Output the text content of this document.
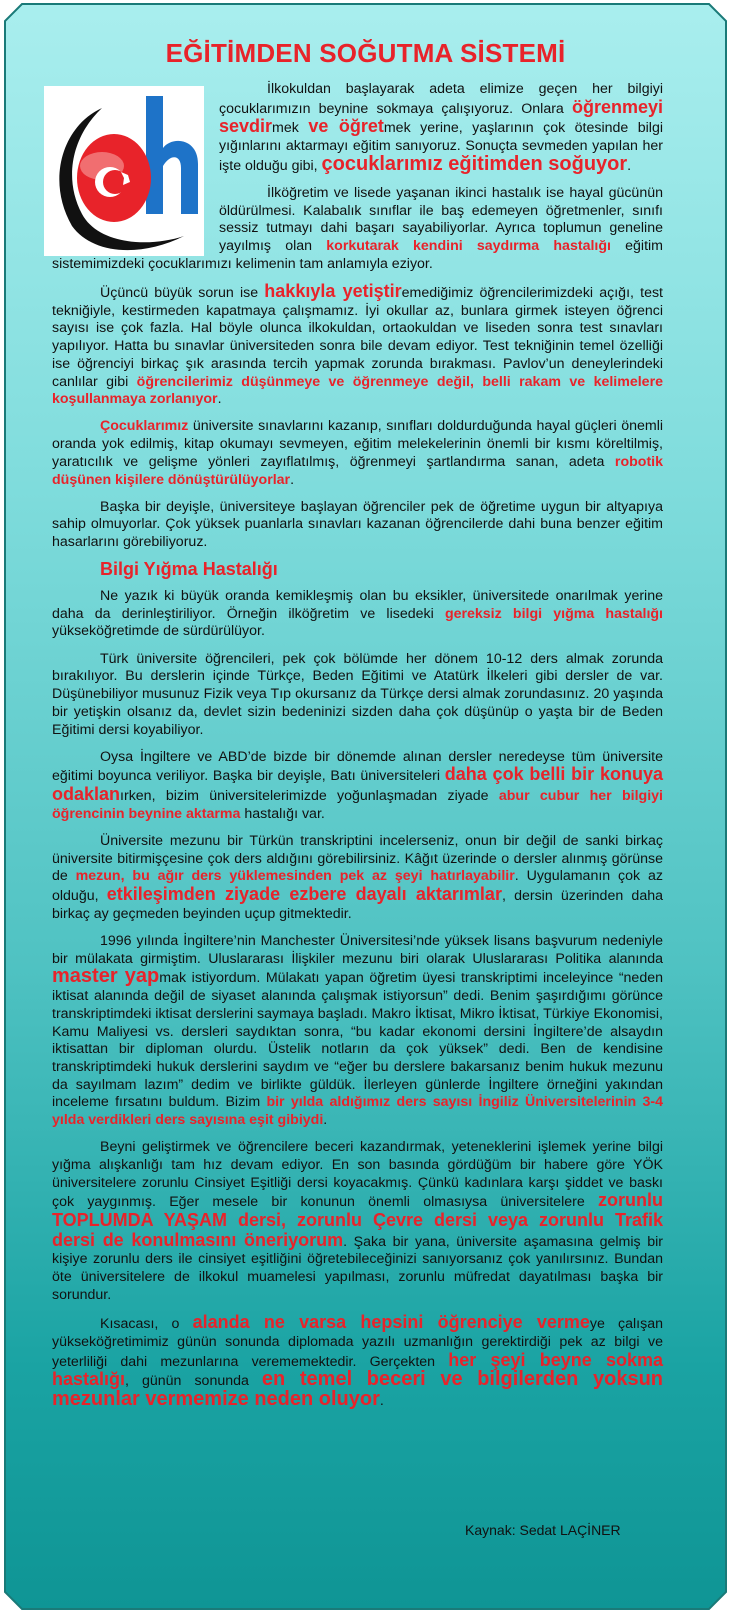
EĞİTİMDEN SOĞUTMA SİSTEMİ

İlkokuldan başlayarak adeta elimize geçen her bilgiyi çocuklarımızın beynine sokmaya çalışıyoruz. Onlara öğrenmeyi sevdirmek ve öğretmek yerine, yaşlarının çok ötesinde bilgi yığınlarını aktarmayı eğitim sanıyoruz. Sonuçta sevmeden yapılan her işte olduğu gibi, çocuklarımız eğitimden soğuyor.

İlköğretim ve lisede yaşanan ikinci hastalık ise hayal gücünün öldürülmesi. Kalabalık sınıflar ile baş edemeyen öğretmenler, sınıfı sessiz tutmayı dahi başarı sayabiliyorlar. Ayrıca toplumun geneline yayılmış olan korkutarak kendini saydırma hastalığı eğitim sistemimizdeki çocuklarımızı kelimenin tam anlamıyla eziyor.

Üçüncü büyük sorun ise hakkıyla yetiştiremediğimiz öğrencilerimizdeki açığı, test tekniğiyle, kestirmeden kapatmaya çalışmamız. İyi okullar az, bunlara girmek isteyen öğrenci sayısı ise çok fazla. Hal böyle olunca ilkokuldan, ortaokuldan ve liseden sonra test sınavları yapılıyor. Hatta bu sınavlar üniversiteden sonra bile devam ediyor. Test tekniğinin temel özelliği ise öğrenciyi birkaç şık arasında tercih yapmak zorunda bırakması. Pavlov’un deneylerindeki canlılar gibi öğrencilerimiz düşünmeye ve öğrenmeye değil, belli rakam ve kelimelere koşullanmaya zorlanıyor.

Çocuklarımız üniversite sınavlarını kazanıp, sınıfları doldurduğunda hayal güçleri önemli oranda yok edilmiş, kitap okumayı sevmeyen, eğitim melekelerinin önemli bir kısmı köreltilmiş, yaratıcılık ve gelişme yönleri zayıflatılmış, öğrenmeyi şartlandırma sanan, adeta robotik düşünen kişilere dönüştürülüyorlar.

Başka bir deyişle, üniversiteye başlayan öğrenciler pek de öğretime uygun bir altyapıya sahip olmuyorlar. Çok yüksek puanlarla sınavları kazanan öğrencilerde dahi buna benzer eğitim hasarlarını görebiliyoruz.

Bilgi Yığma Hastalığı

Ne yazık ki büyük oranda kemikleşmiş olan bu eksikler, üniversitede onarılmak yerine daha da derinleştiriliyor. Örneğin ilköğretim ve lisedeki gereksiz bilgi yığma hastalığı yükseköğretimde de sürdürülüyor.

Türk üniversite öğrencileri, pek çok bölümde her dönem 10-12 ders almak zorunda bırakılıyor. Bu derslerin içinde Türkçe, Beden Eğitimi ve Atatürk İlkeleri gibi dersler de var. Düşünebiliyor musunuz Fizik veya Tıp okursanız da Türkçe dersi almak zorundasınız. 20 yaşında bir yetişkin olsanız da, devlet sizin bedeninizi sizden daha çok düşünüp o yaşta bir de Beden Eğitimi dersi koyabiliyor.

Oysa İngiltere ve ABD’de bizde bir dönemde alınan dersler neredeyse tüm üniversite eğitimi boyunca veriliyor. Başka bir deyişle, Batı üniversiteleri daha çok belli bir konuya odaklanırken, bizim üniversitelerimizde yoğunlaşmadan ziyade abur cubur her bilgiyi öğrencinin beynine aktarma hastalığı var.

Üniversite mezunu bir Türkün transkriptini incelerseniz, onun bir değil de sanki birkaç üniversite bitirmişçesine çok ders aldığını görebilirsiniz. Kâğıt üzerinde o dersler alınmış görünse de mezun, bu ağır ders yüklemesinden pek az şeyi hatırlayabilir. Uygulamanın çok az olduğu, etkileşimden ziyade ezbere dayalı aktarımlar, dersin üzerinden daha birkaç ay geçmeden beyinden uçup gitmektedir.

1996 yılında İngiltere’nin Manchester Üniversitesi’nde yüksek lisans başvurum nedeniyle bir mülakata girmiştim. Uluslararası İlişkiler mezunu biri olarak Uluslararası Politika alanında master yapmak istiyordum. Mülakatı yapan öğretim üyesi transkriptimi inceleyince “neden iktisat alanında değil de siyaset alanında çalışmak istiyorsun” dedi. Benim şaşırdığımı görünce transkriptimdeki iktisat derslerini saymaya başladı. Makro İktisat, Mikro İktisat, Türkiye Ekonomisi, Kamu Maliyesi vs. dersleri saydıktan sonra, “bu kadar ekonomi dersini İngiltere’de alsaydın iktisattan bir diploman olurdu. Üstelik notların da çok yüksek” dedi. Ben de kendisine transkriptimdeki hukuk derslerini saydım ve “eğer bu derslere bakarsanız benim hukuk mezunu da sayılmam lazım” dedim ve birlikte güldük. İlerleyen günlerde İngiltere örneğini yakından inceleme fırsatını buldum. Bizim bir yılda aldığımız ders sayısı İngiliz Üniversitelerinin 3-4 yılda verdikleri ders sayısına eşit gibiydi.

Beyni geliştirmek ve öğrencilere beceri kazandırmak, yeteneklerini işlemek yerine bilgi yığma alışkanlığı tam hız devam ediyor. En son basında gördüğüm bir habere göre YÖK üniversitelere zorunlu Cinsiyet Eşitliği dersi koyacakmış. Çünkü kadınlara karşı şiddet ve baskı çok yaygınmış. Eğer mesele bir konunun önemli olmasıysa üniversitelere zorunlu TOPLUMDA YAŞAM dersi, zorunlu Çevre dersi veya zorunlu Trafik dersi de konulmasını öneriyorum. Şaka bir yana, üniversite aşamasına gelmiş bir kişiye zorunlu ders ile cinsiyet eşitliğini öğretebileceğinizi sanıyorsanız çok yanılırsınız. Bundan öte üniversitelere de ilkokul muamelesi yapılması, zorunlu müfredat dayatılması başka bir sorundur.

Kısacası, o alanda ne varsa hepsini öğrenciye vermeye çalışan yükseköğretimimiz günün sonunda diplomada yazılı uzmanlığın gerektirdiği pek az bilgi ve yeterliliği dahi mezunlarına verememektedir. Gerçekten her şeyi beyne sokma hastalığı, günün sonunda en temel beceri ve bilgilerden yoksun mezunlar vermemize neden oluyor.

Kaynak: Sedat LAÇİNER
